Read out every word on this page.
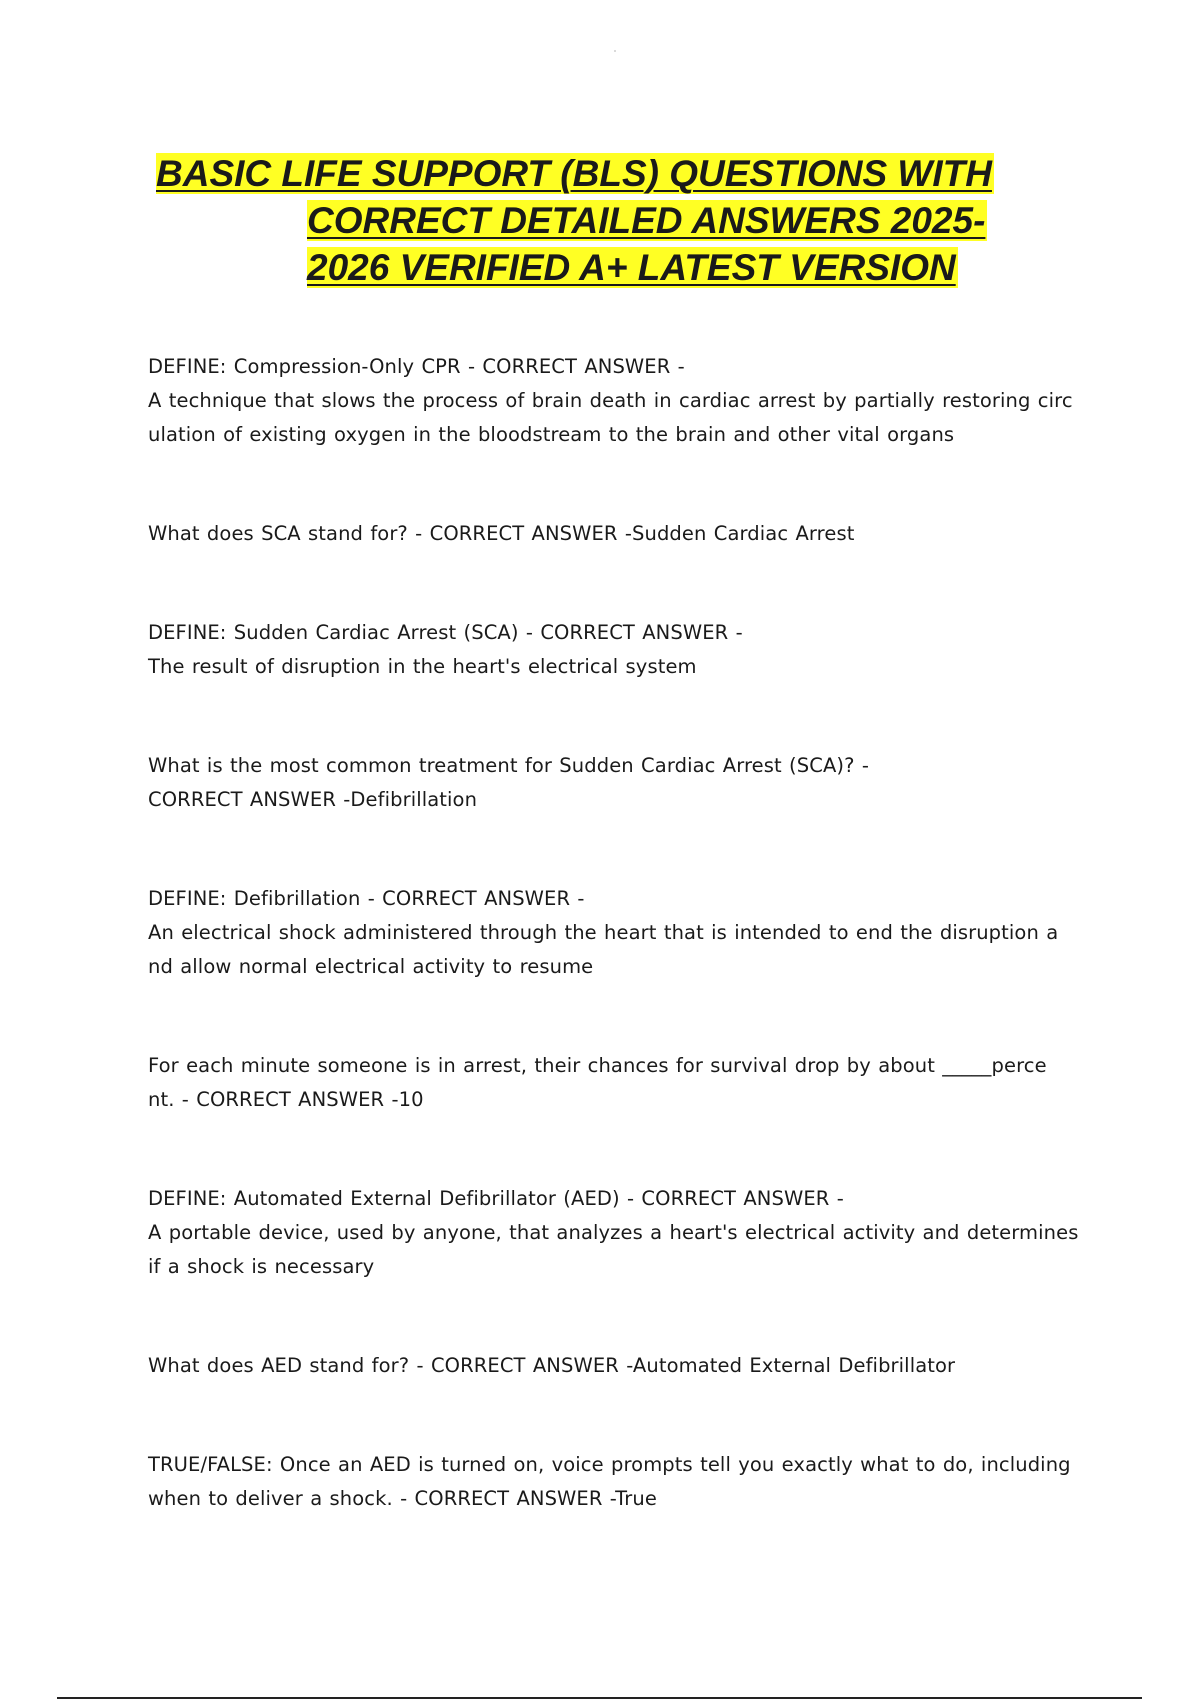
BASIC LIFE SUPPORT (BLS) QUESTIONS WITH
CORRECT DETAILED ANSWERS 2025-
2026 VERIFIED A+ LATEST VERSION

DEFINE: Compression-Only CPR - CORRECT ANSWER -

A technique that slows the process of brain death in cardiac arrest by partially restoring circ

ulation of existing oxygen in the bloodstream to the brain and other vital organs

What does SCA stand for? - CORRECT ANSWER -Sudden Cardiac Arrest

DEFINE: Sudden Cardiac Arrest (SCA) - CORRECT ANSWER -

The result of disruption in the heart's electrical system

What is the most common treatment for Sudden Cardiac Arrest (SCA)? -

CORRECT ANSWER -Defibrillation

DEFINE: Defibrillation - CORRECT ANSWER -

An electrical shock administered through the heart that is intended to end the disruption a

nd allow normal electrical activity to resume

For each minute someone is in arrest, their chances for survival drop by about _____perce

nt. - CORRECT ANSWER -10

DEFINE: Automated External Defibrillator (AED) - CORRECT ANSWER -

A portable device, used by anyone, that analyzes a heart's electrical activity and determines

if a shock is necessary

What does AED stand for? - CORRECT ANSWER -Automated External Defibrillator

TRUE/FALSE: Once an AED is turned on, voice prompts tell you exactly what to do, including

when to deliver a shock. - CORRECT ANSWER -True
